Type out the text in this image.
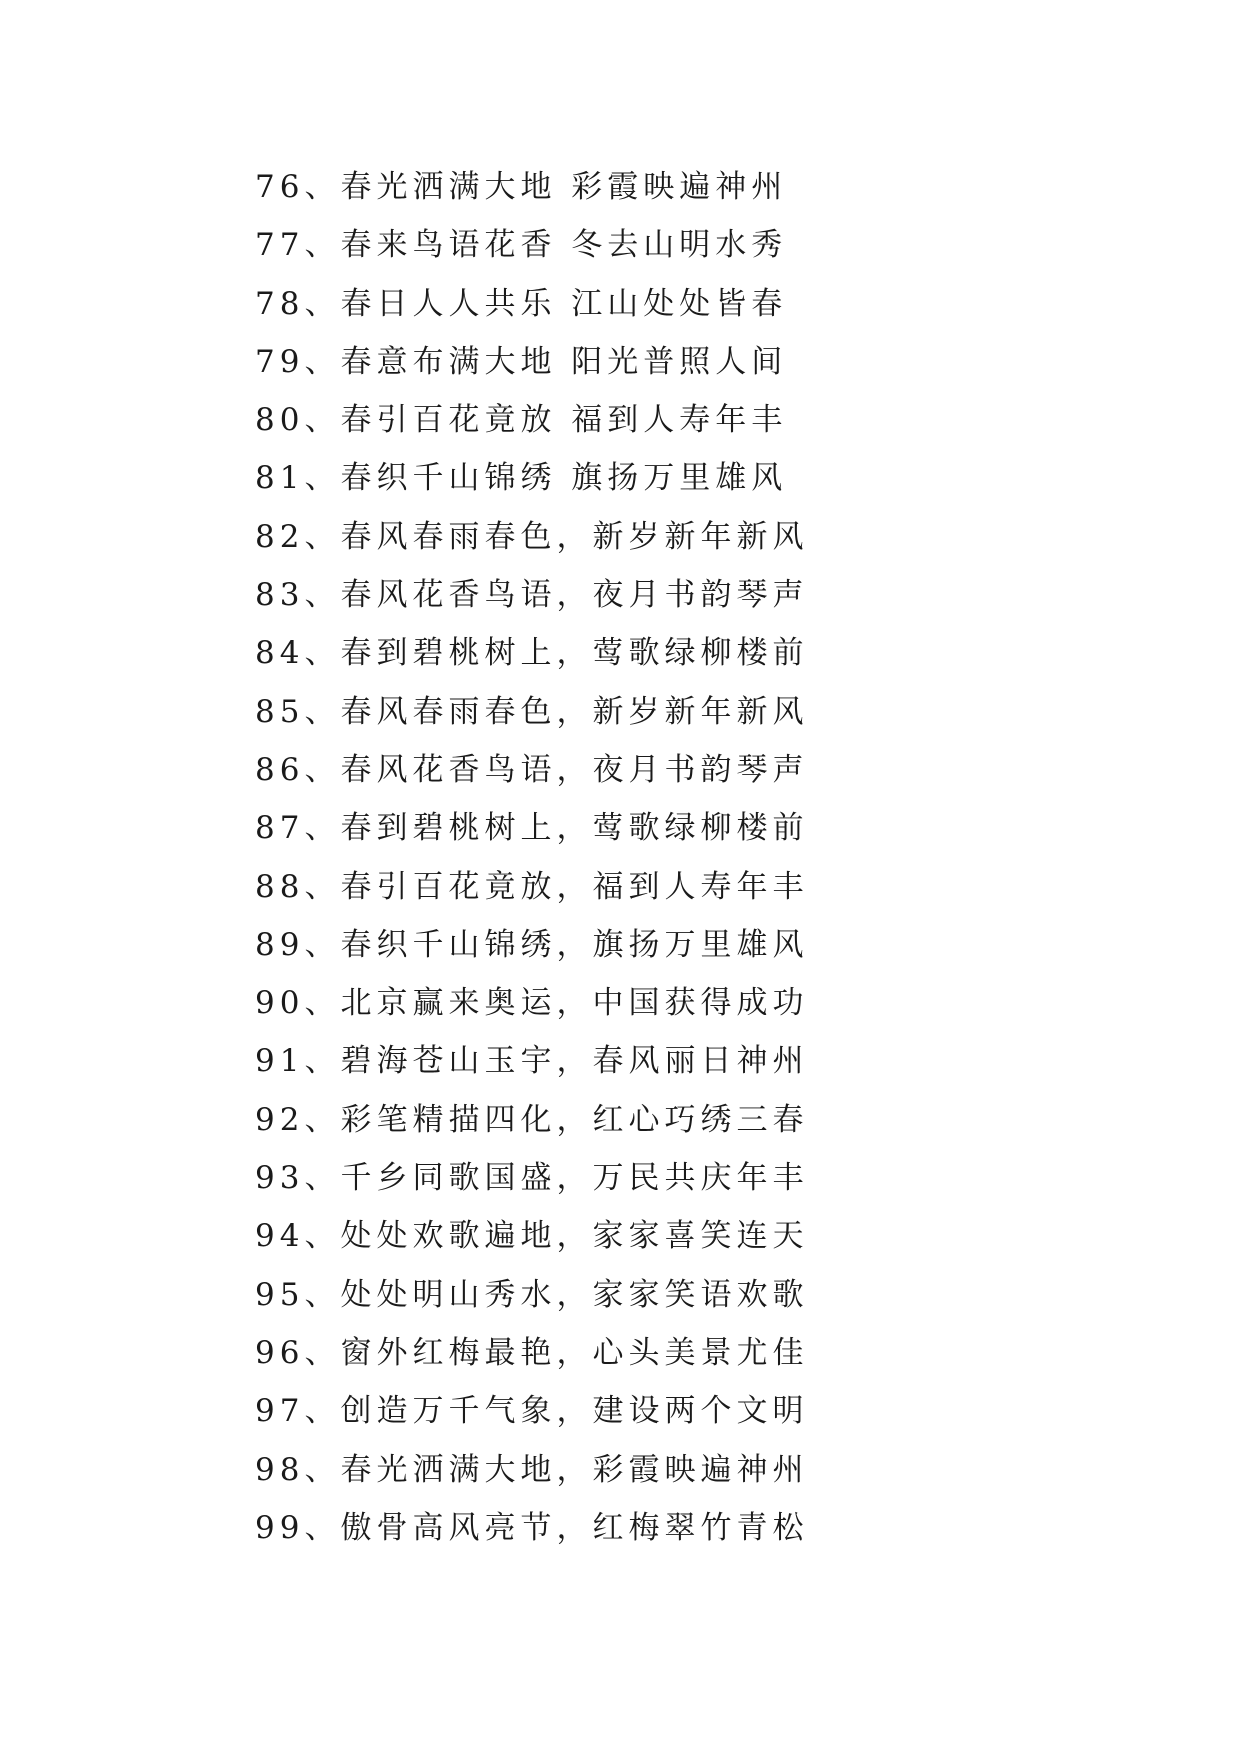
76、春光洒满大地 彩霞映遍神州
77、春来鸟语花香 冬去山明水秀
78、春日人人共乐 江山处处皆春
79、春意布满大地 阳光普照人间
80、春引百花竟放 福到人寿年丰
81、春织千山锦绣 旗扬万里雄风
82、春风春雨春色，新岁新年新风
83、春风花香鸟语，夜月书韵琴声
84、春到碧桃树上，莺歌绿柳楼前
85、春风春雨春色，新岁新年新风
86、春风花香鸟语，夜月书韵琴声
87、春到碧桃树上，莺歌绿柳楼前
88、春引百花竟放，福到人寿年丰
89、春织千山锦绣，旗扬万里雄风
90、北京赢来奥运，中国获得成功
91、碧海苍山玉宇，春风丽日神州
92、彩笔精描四化，红心巧绣三春
93、千乡同歌国盛，万民共庆年丰
94、处处欢歌遍地，家家喜笑连天
95、处处明山秀水，家家笑语欢歌
96、窗外红梅最艳，心头美景尤佳
97、创造万千气象，建设两个文明
98、春光洒满大地，彩霞映遍神州
99、傲骨高风亮节，红梅翠竹青松
